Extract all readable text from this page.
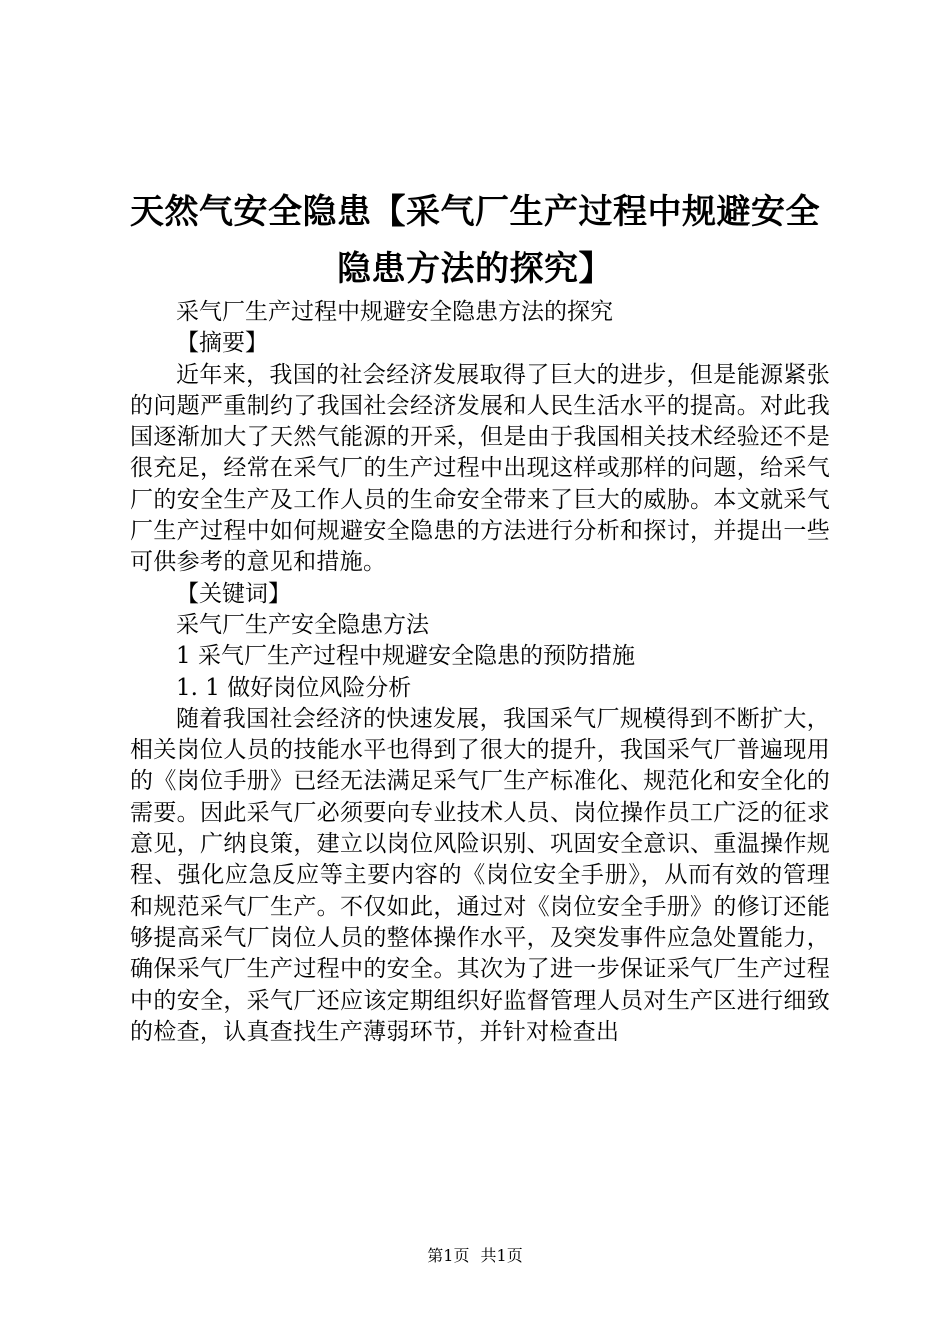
天然气安全隐患【采气厂生产过程中规避安全隐患方法的探究】

采气厂生产过程中规避安全隐患方法的探究

【摘要】

近年来，我国的社会经济发展取得了巨大的进步，但是能源紧张的问题严重制约了我国社会经济发展和人民生活水平的提高。对此我国逐渐加大了天然气能源的开采，但是由于我国相关技术经验还不是很充足，经常在采气厂的生产过程中出现这样或那样的问题，给采气厂的安全生产及工作人员的生命安全带来了巨大的威胁。本文就采气厂生产过程中如何规避安全隐患的方法进行分析和探讨，并提出一些可供参考的意见和措施。

【关键词】

采气厂生产安全隐患方法

1 采气厂生产过程中规避安全隐患的预防措施

1. 1 做好岗位风险分析

随着我国社会经济的快速发展，我国采气厂规模得到不断扩大，相关岗位人员的技能水平也得到了很大的提升，我国采气厂普遍现用的《岗位手册》已经无法满足采气厂生产标准化、规范化和安全化的需要。因此采气厂必须要向专业技术人员、岗位操作员工广泛的征求意见，广纳良策，建立以岗位风险识别、巩固安全意识、重温操作规程、强化应急反应等主要内容的《岗位安全手册》，从而有效的管理和规范采气厂生产。不仅如此，通过对《岗位安全手册》的修订还能够提高采气厂岗位人员的整体操作水平，及突发事件应急处置能力，确保采气厂生产过程中的安全。其次为了进一步保证采气厂生产过程中的安全，采气厂还应该定期组织好监督管理人员对生产区进行细致的检查，认真查找生产薄弱环节，并针对检查出

第1页 共1页
